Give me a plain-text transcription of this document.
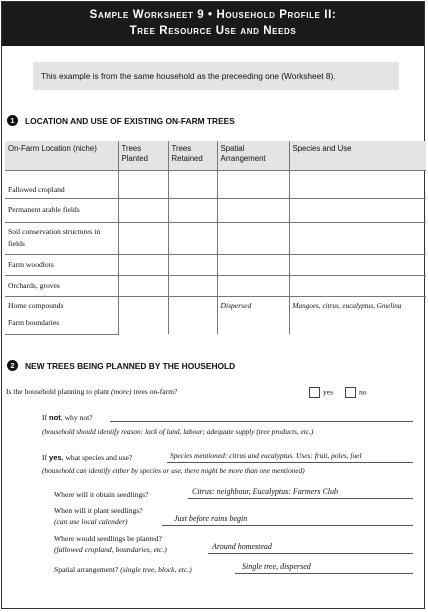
Sample Worksheet 9 • Household Profile II:
Tree Resource Use and Needs
This example is from the same household as the preceeding one (Worksheet 8).
1	LOCATION AND USE OF EXISTING ON-FARM TREES
On-Farm Location (niche)	Trees Planted	Trees Retained	Spatial Arrangement	Species and Use
Fallowed cropland				
Permanent arable fields				
Soil conservation structures in fields				
Farm woodlots				
Orchards, groves				
Home compounds			Dispersed	Mangoes, citrus, eucalyptus, Gmelina
Farm boundaries				
2	NEW TREES BEING PLANNED BY THE HOUSEHOLD
Is the household planning to plant (more) trees on-farm?	yes	no
If not, why not?
(household should identify reason: lack of land, labour; adequate supply (tree products, etc.)
If yes, what species and use?	Species mentioned: citrus and eucalyptus. Uses: fruit, poles, fuel
(household can identify either by species or use, there might be more than one mentioned)
Where will it obtain seedlings?	Citrus: neighbour, Eucalyptus: Farmers Club
When will it plant seedlings?
(can use local calender)	Just before rains begin
Where would seedlings be planted?
(fallowed cropland, boundaries, etc.)	Around homestead
Spatial arrangement? (single tree, block, etc.)	Single tree, dispersed
